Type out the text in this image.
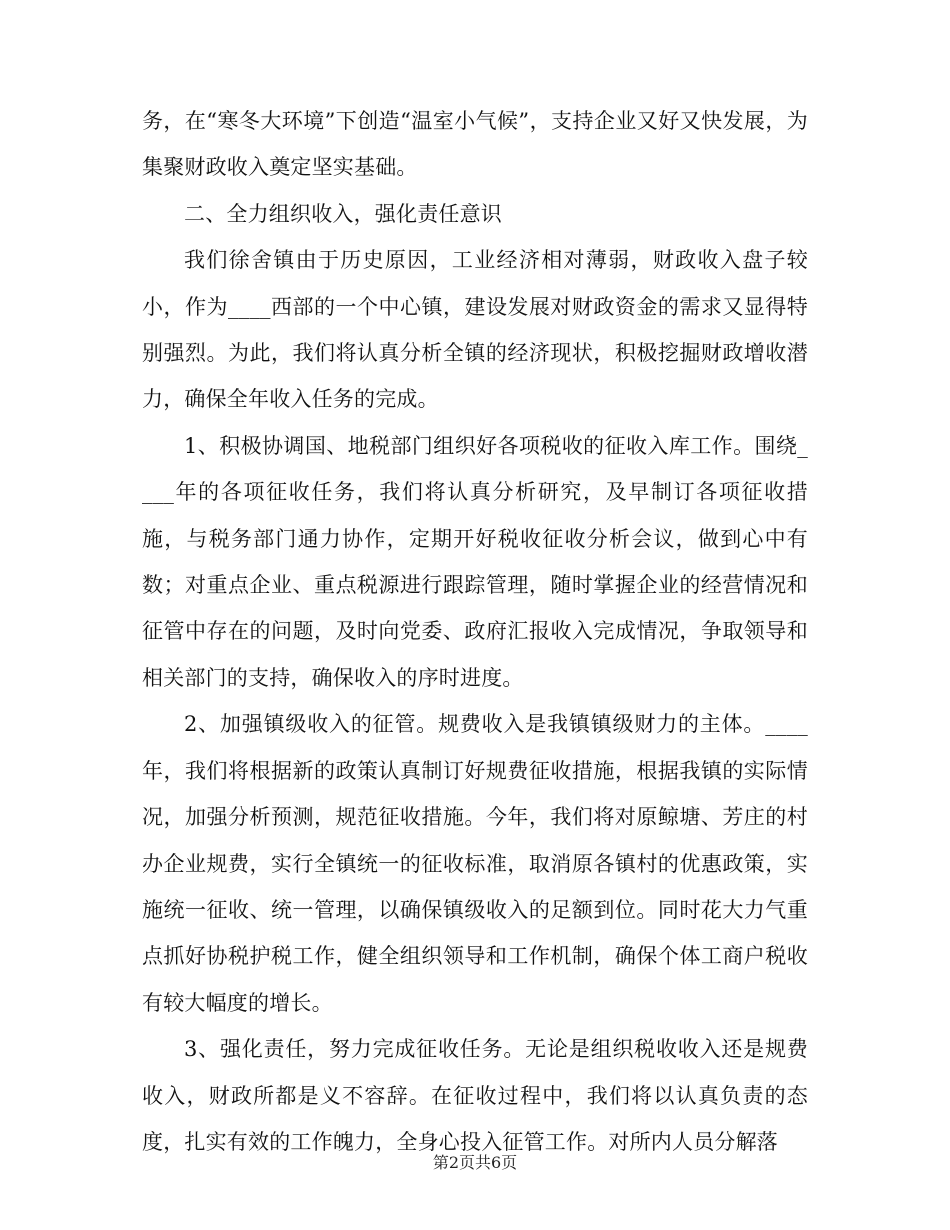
务，在“寒冬大环境”下创造“温室小气候”，支持企业又好又快发展，为集聚财政收入奠定坚实基础。

二、全力组织收入，强化责任意识

我们徐舍镇由于历史原因，工业经济相对薄弱，财政收入盘子较小，作为____西部的一个中心镇，建设发展对财政资金的需求又显得特别强烈。为此，我们将认真分析全镇的经济现状，积极挖掘财政增收潜力，确保全年收入任务的完成。

1、积极协调国、地税部门组织好各项税收的征收入库工作。围绕____年的各项征收任务，我们将认真分析研究，及早制订各项征收措施，与税务部门通力协作，定期开好税收征收分析会议，做到心中有数；对重点企业、重点税源进行跟踪管理，随时掌握企业的经营情况和征管中存在的问题，及时向党委、政府汇报收入完成情况，争取领导和相关部门的支持，确保收入的序时进度。

2、加强镇级收入的征管。规费收入是我镇镇级财力的主体。____年，我们将根据新的政策认真制订好规费征收措施，根据我镇的实际情况，加强分析预测，规范征收措施。今年，我们将对原鲸塘、芳庄的村办企业规费，实行全镇统一的征收标准，取消原各镇村的优惠政策，实施统一征收、统一管理，以确保镇级收入的足额到位。同时花大力气重点抓好协税护税工作，健全组织领导和工作机制，确保个体工商户税收有较大幅度的增长。

3、强化责任，努力完成征收任务。无论是组织税收收入还是规费收入，财政所都是义不容辞。在征收过程中，我们将以认真负责的态度，扎实有效的工作魄力，全身心投入征管工作。对所内人员分解落

第2页共6页
